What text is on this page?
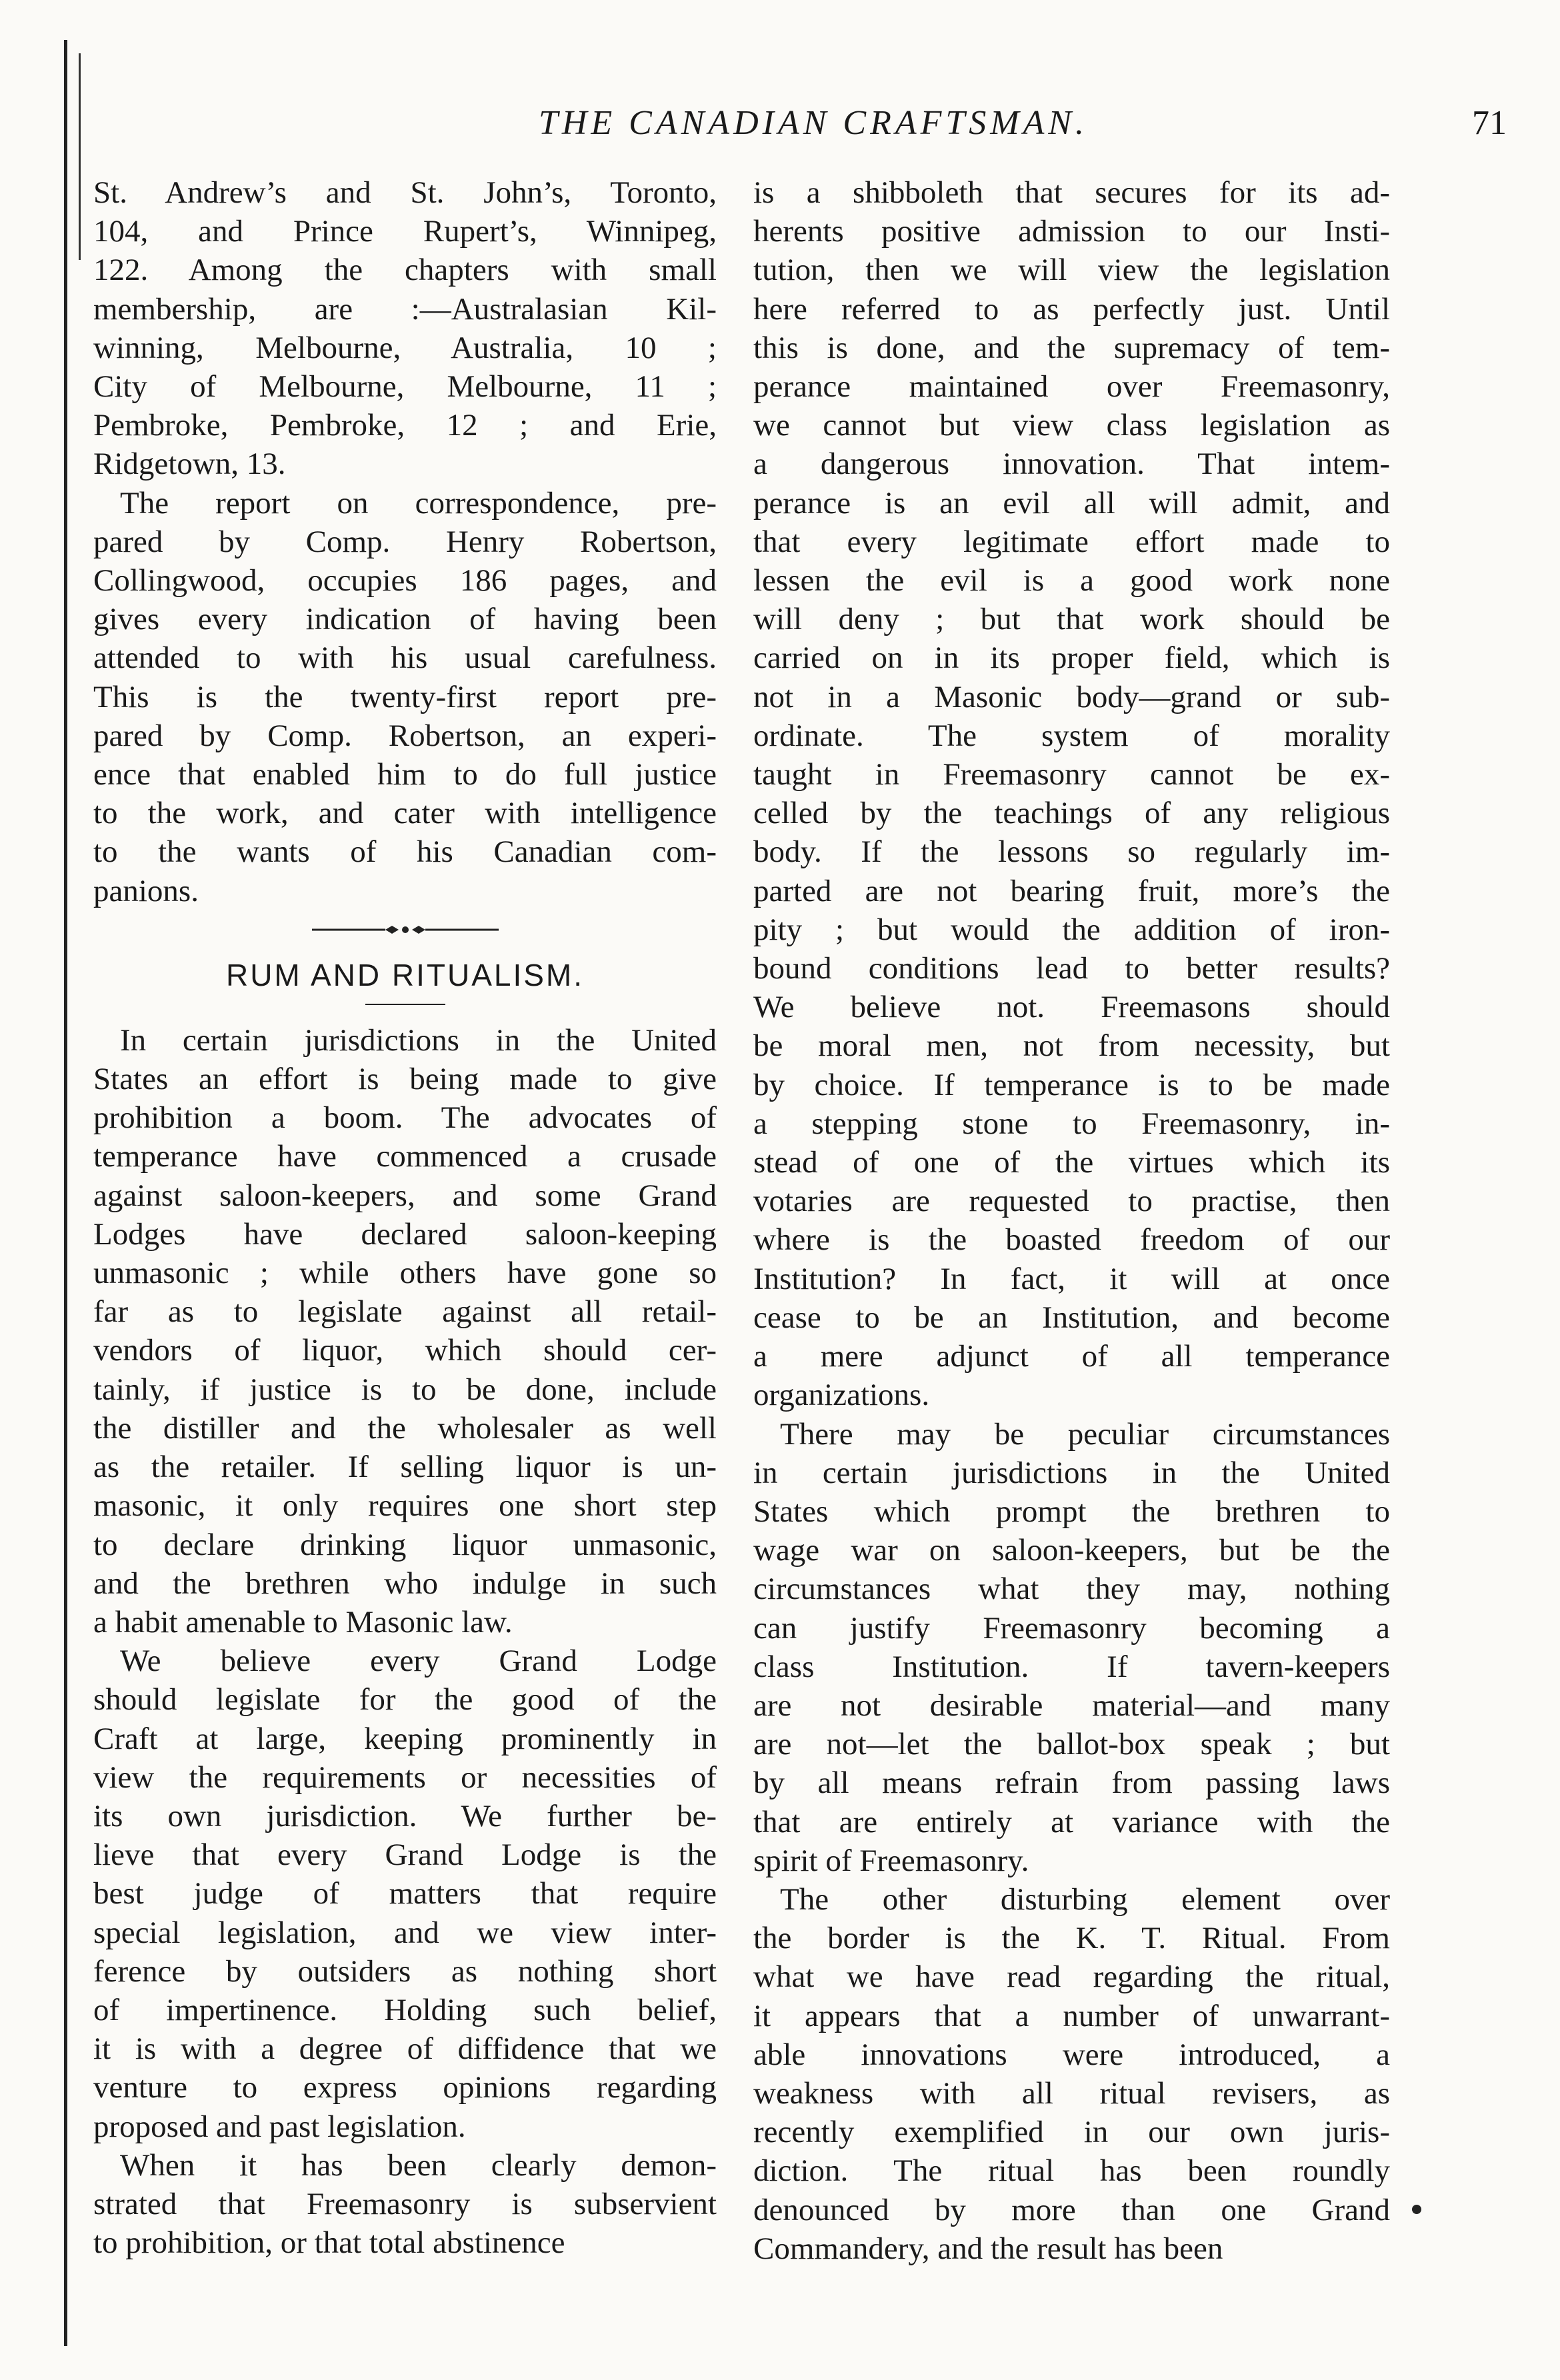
THE CANADIAN CRAFTSMAN.	71

St. Andrew’s and St. John’s, Toronto,
104, and Prince Rupert’s, Winnipeg,
122. Among the chapters with small
membership, are :—Australasian Kil-
winning, Melbourne, Australia, 10 ;
City of Melbourne, Melbourne, 11 ;
Pembroke, Pembroke, 12 ; and Erie,
Ridgetown, 13.

The report on correspondence, pre-
pared by Comp. Henry Robertson,
Collingwood, occupies 186 pages, and
gives every indication of having been
attended to with his usual carefulness.
This is the twenty-first report pre-
pared by Comp. Robertson, an experi-
ence that enabled him to do full justice
to the work, and cater with intelligence
to the wants of his Canadian com-
panions.

RUM AND RITUALISM.

In certain jurisdictions in the United
States an effort is being made to give
prohibition a boom. The advocates of
temperance have commenced a crusade
against saloon-keepers, and some Grand
Lodges have declared saloon-keeping
unmasonic ; while others have gone so
far as to legislate against all retail-
vendors of liquor, which should cer-
tainly, if justice is to be done, include
the distiller and the wholesaler as well
as the retailer. If selling liquor is un-
masonic, it only requires one short step
to declare drinking liquor unmasonic,
and the brethren who indulge in such
a habit amenable to Masonic law.

We believe every Grand Lodge
should legislate for the good of the
Craft at large, keeping prominently in
view the requirements or necessities of
its own jurisdiction. We further be-
lieve that every Grand Lodge is the
best judge of matters that require
special legislation, and we view inter-
ference by outsiders as nothing short
of impertinence. Holding such belief,
it is with a degree of diffidence that we
venture to express opinions regarding
proposed and past legislation.

When it has been clearly demon-
strated that Freemasonry is subservient
to prohibition, or that total abstinence

is a shibboleth that secures for its ad-
herents positive admission to our Insti-
tution, then we will view the legislation
here referred to as perfectly just. Until
this is done, and the supremacy of tem-
perance maintained over Freemasonry,
we cannot but view class legislation as
a dangerous innovation. That intem-
perance is an evil all will admit, and
that every legitimate effort made to
lessen the evil is a good work none
will deny ; but that work should be
carried on in its proper field, which is
not in a Masonic body—grand or sub-
ordinate. The system of morality
taught in Freemasonry cannot be ex-
celled by the teachings of any religious
body. If the lessons so regularly im-
parted are not bearing fruit, more’s the
pity ; but would the addition of iron-
bound conditions lead to better results?
We believe not. Freemasons should
be moral men, not from necessity, but
by choice. If temperance is to be made
a stepping stone to Freemasonry, in-
stead of one of the virtues which its
votaries are requested to practise, then
where is the boasted freedom of our
Institution? In fact, it will at once
cease to be an Institution, and become
a mere adjunct of all temperance
organizations.

There may be peculiar circumstances
in certain jurisdictions in the United
States which prompt the brethren to
wage war on saloon-keepers, but be the
circumstances what they may, nothing
can justify Freemasonry becoming a
class Institution. If tavern-keepers
are not desirable material—and many
are not—let the ballot-box speak ; but
by all means refrain from passing laws
that are entirely at variance with the
spirit of Freemasonry.

The other disturbing element over
the border is the K. T. Ritual. From
what we have read regarding the ritual,
it appears that a number of unwarrant-
able innovations were introduced, a
weakness with all ritual revisers, as
recently exemplified in our own juris-
diction. The ritual has been roundly
denounced by more than one Grand
Commandery, and the result has been
